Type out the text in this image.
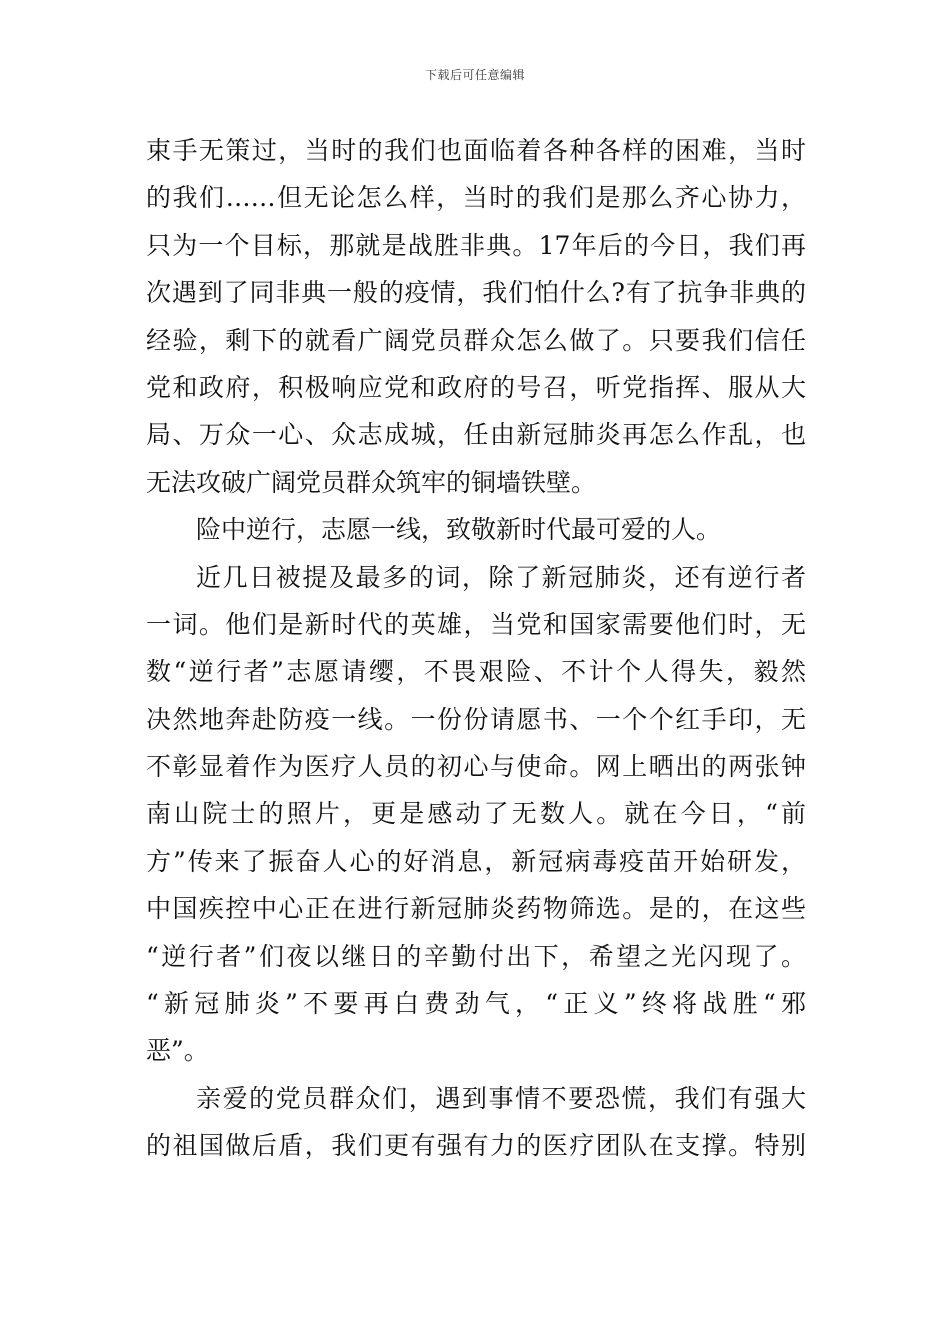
下载后可任意编辑
束手无策过，当时的我们也面临着各种各样的困难，当时
的我们……但无论怎么样，当时的我们是那么齐心协力，
只为一个目标，那就是战胜非典。17年后的今日，我们再
次遇到了同非典一般的疫情，我们怕什么?有了抗争非典的
经验，剩下的就看广阔党员群众怎么做了。只要我们信任
党和政府，积极响应党和政府的号召，听党指挥、服从大
局、万众一心、众志成城，任由新冠肺炎再怎么作乱，也
无法攻破广阔党员群众筑牢的铜墙铁壁。
险中逆行，志愿一线，致敬新时代最可爱的人。
近几日被提及最多的词，除了新冠肺炎，还有逆行者
一词。他们是新时代的英雄，当党和国家需要他们时，无
数“逆行者”志愿请缨，不畏艰险、不计个人得失，毅然
决然地奔赴防疫一线。一份份请愿书、一个个红手印，无
不彰显着作为医疗人员的初心与使命。网上晒出的两张钟
南山院士的照片，更是感动了无数人。就在今日，“前
方”传来了振奋人心的好消息，新冠病毒疫苗开始研发，
中国疾控中心正在进行新冠肺炎药物筛选。是的，在这些
“逆行者”们夜以继日的辛勤付出下，希望之光闪现了。
“新冠肺炎”不要再白费劲气，“正义”终将战胜“邪
恶”。
亲爱的党员群众们，遇到事情不要恐慌，我们有强大
的祖国做后盾，我们更有强有力的医疗团队在支撑。特别
